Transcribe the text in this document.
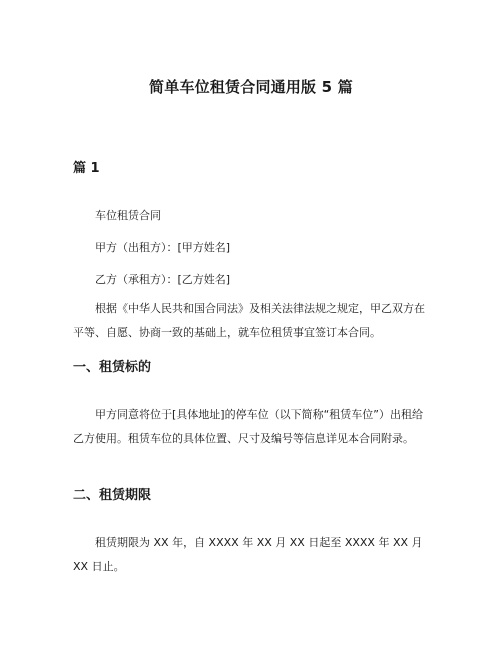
简单车位租赁合同通用版 5 篇
篇 1
车位租赁合同
甲方（出租方）：[甲方姓名]
乙方（承租方）：[乙方姓名]

根据《中华人民共和国合同法》及相关法律法规之规定，甲乙双方在平等、自愿、协商一致的基础上，就车位租赁事宜签订本合同。

一、租赁标的

甲方同意将位于[具体地址]的停车位（以下简称“租赁车位”）出租给乙方使用。租赁车位的具体位置、尺寸及编号等信息详见本合同附录。

二、租赁期限

租赁期限为 XX 年，自 XXXX 年 XX 月 XX 日起至 XXXX 年 XX 月 XX 日止。
